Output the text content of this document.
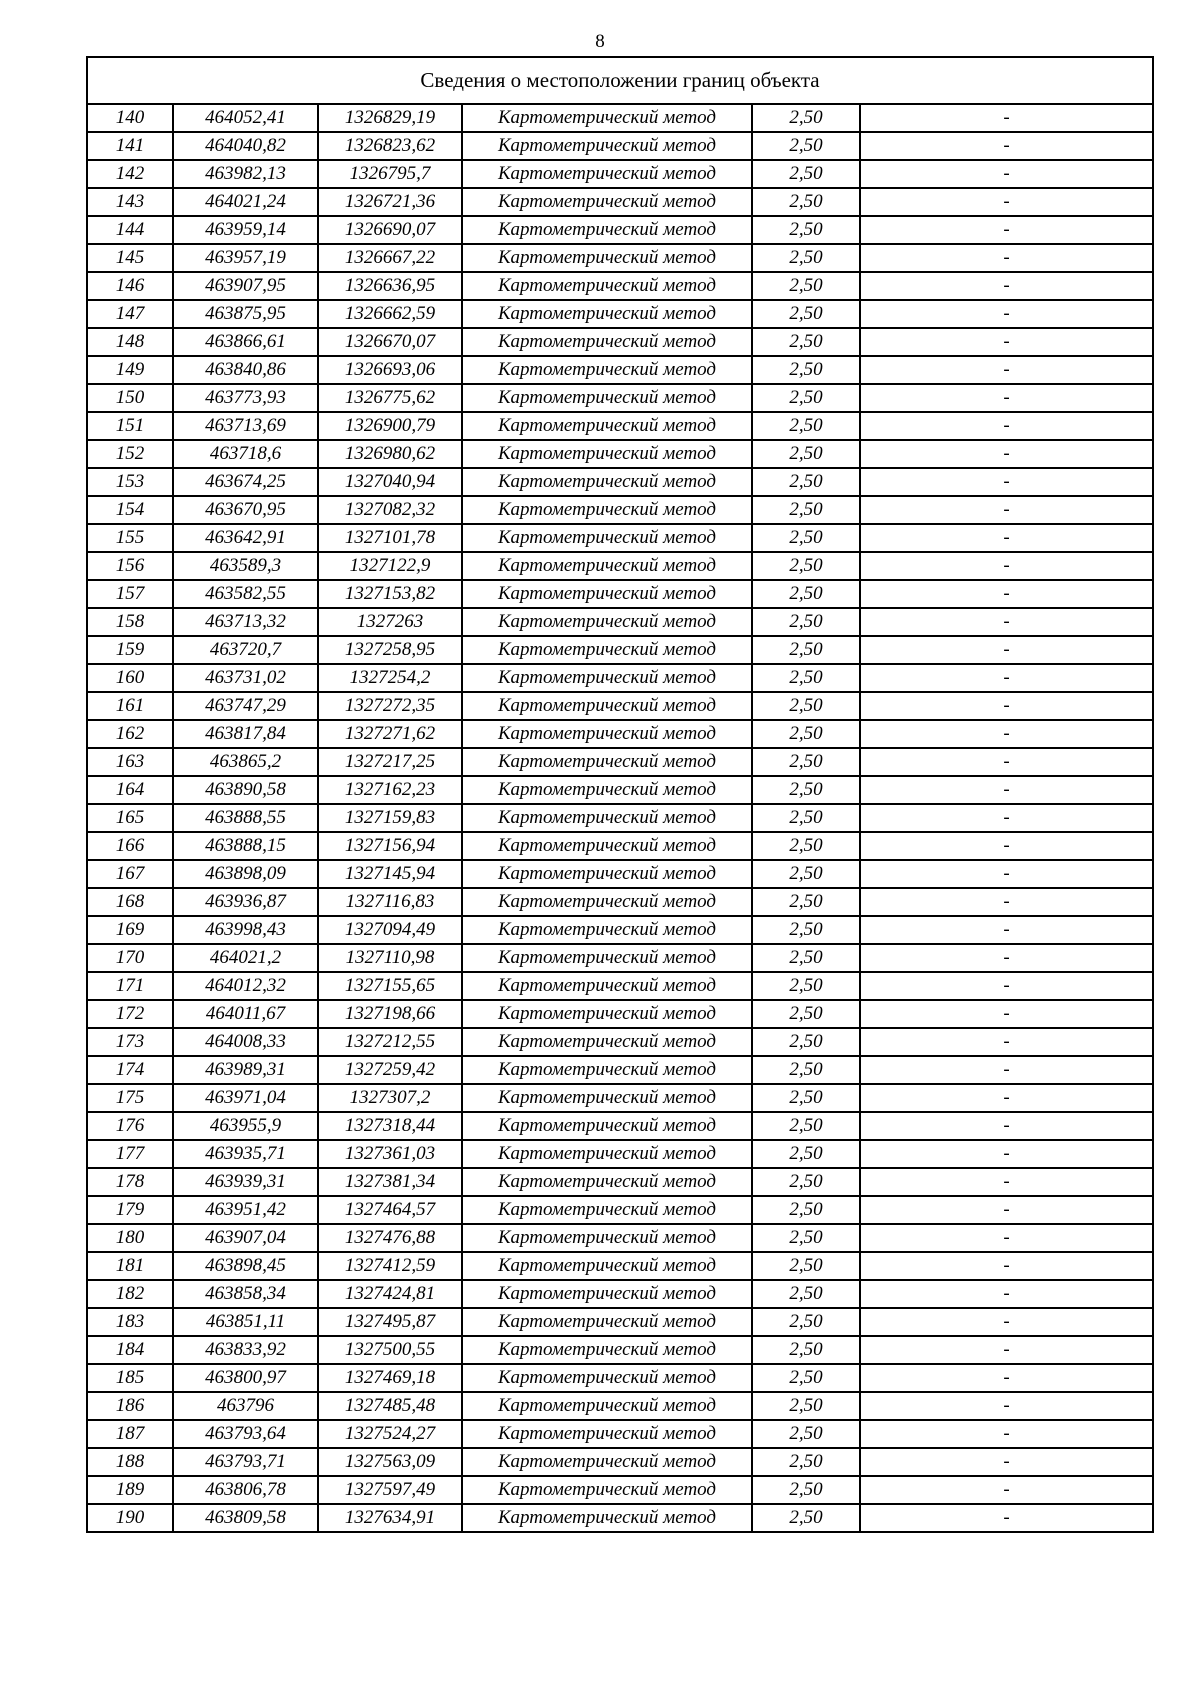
8
Сведения о местоположении границ объекта					
140	464052,41	1326829,19	Картометрический метод	2,50	-
141	464040,82	1326823,62	Картометрический метод	2,50	-
142	463982,13	1326795,7	Картометрический метод	2,50	-
143	464021,24	1326721,36	Картометрический метод	2,50	-
144	463959,14	1326690,07	Картометрический метод	2,50	-
145	463957,19	1326667,22	Картометрический метод	2,50	-
146	463907,95	1326636,95	Картометрический метод	2,50	-
147	463875,95	1326662,59	Картометрический метод	2,50	-
148	463866,61	1326670,07	Картометрический метод	2,50	-
149	463840,86	1326693,06	Картометрический метод	2,50	-
150	463773,93	1326775,62	Картометрический метод	2,50	-
151	463713,69	1326900,79	Картометрический метод	2,50	-
152	463718,6	1326980,62	Картометрический метод	2,50	-
153	463674,25	1327040,94	Картометрический метод	2,50	-
154	463670,95	1327082,32	Картометрический метод	2,50	-
155	463642,91	1327101,78	Картометрический метод	2,50	-
156	463589,3	1327122,9	Картометрический метод	2,50	-
157	463582,55	1327153,82	Картометрический метод	2,50	-
158	463713,32	1327263	Картометрический метод	2,50	-
159	463720,7	1327258,95	Картометрический метод	2,50	-
160	463731,02	1327254,2	Картометрический метод	2,50	-
161	463747,29	1327272,35	Картометрический метод	2,50	-
162	463817,84	1327271,62	Картометрический метод	2,50	-
163	463865,2	1327217,25	Картометрический метод	2,50	-
164	463890,58	1327162,23	Картометрический метод	2,50	-
165	463888,55	1327159,83	Картометрический метод	2,50	-
166	463888,15	1327156,94	Картометрический метод	2,50	-
167	463898,09	1327145,94	Картометрический метод	2,50	-
168	463936,87	1327116,83	Картометрический метод	2,50	-
169	463998,43	1327094,49	Картометрический метод	2,50	-
170	464021,2	1327110,98	Картометрический метод	2,50	-
171	464012,32	1327155,65	Картометрический метод	2,50	-
172	464011,67	1327198,66	Картометрический метод	2,50	-
173	464008,33	1327212,55	Картометрический метод	2,50	-
174	463989,31	1327259,42	Картометрический метод	2,50	-
175	463971,04	1327307,2	Картометрический метод	2,50	-
176	463955,9	1327318,44	Картометрический метод	2,50	-
177	463935,71	1327361,03	Картометрический метод	2,50	-
178	463939,31	1327381,34	Картометрический метод	2,50	-
179	463951,42	1327464,57	Картометрический метод	2,50	-
180	463907,04	1327476,88	Картометрический метод	2,50	-
181	463898,45	1327412,59	Картометрический метод	2,50	-
182	463858,34	1327424,81	Картометрический метод	2,50	-
183	463851,11	1327495,87	Картометрический метод	2,50	-
184	463833,92	1327500,55	Картометрический метод	2,50	-
185	463800,97	1327469,18	Картометрический метод	2,50	-
186	463796	1327485,48	Картометрический метод	2,50	-
187	463793,64	1327524,27	Картометрический метод	2,50	-
188	463793,71	1327563,09	Картометрический метод	2,50	-
189	463806,78	1327597,49	Картометрический метод	2,50	-
190	463809,58	1327634,91	Картометрический метод	2,50	-
